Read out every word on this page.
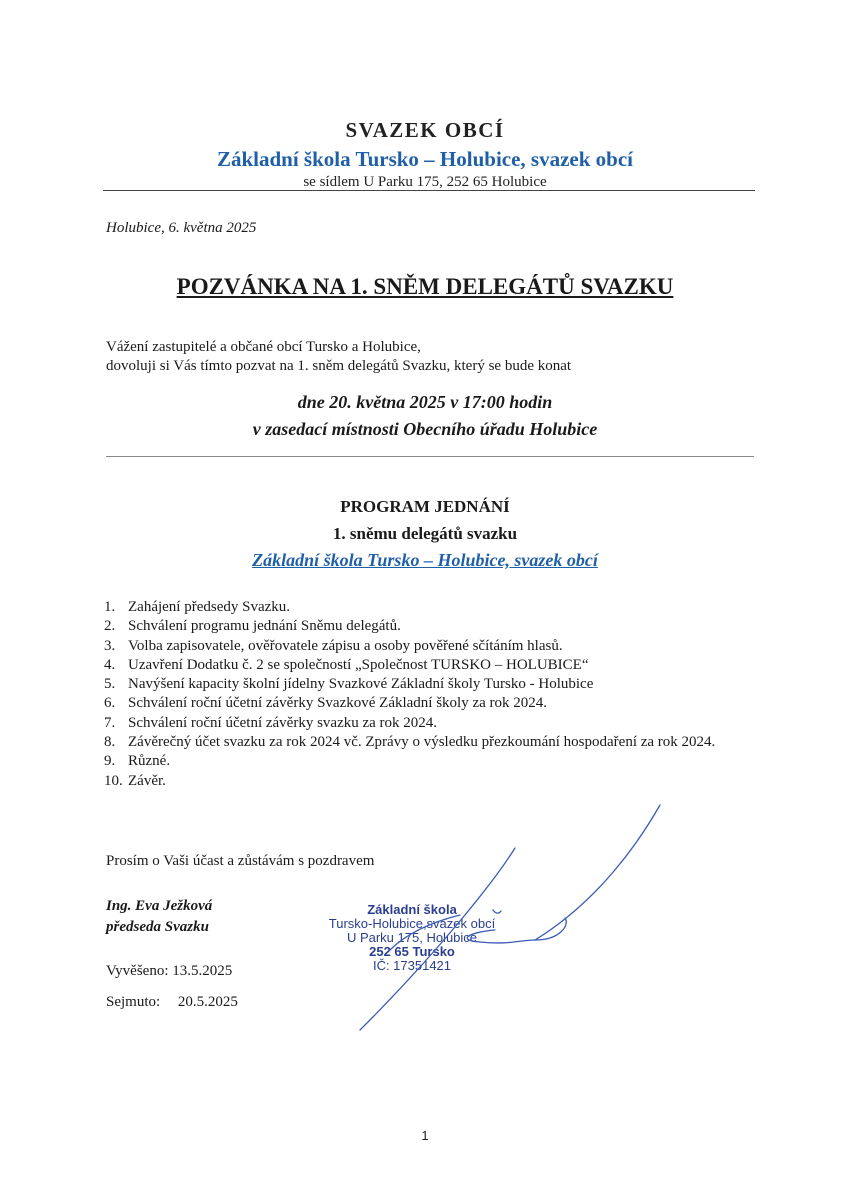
SVAZEK OBCÍ
Základní škola Tursko – Holubice, svazek obcí
se sídlem U Parku 175, 252 65 Holubice
Holubice, 6. května 2025
POZVÁNKA NA 1. SNĚM DELEGÁTŮ SVAZKU
Vážení zastupitelé a občané obcí Tursko a Holubice,
dovoluji si Vás tímto pozvat na 1. sněm delegátů Svazku, který se bude konat
dne 20. května 2025 v 17:00 hodin
v zasedací místnosti Obecního úřadu Holubice
PROGRAM JEDNÁNÍ
1. sněmu delegátů svazku
Základní škola Tursko – Holubice, svazek obcí
1. Zahájení předsedy Svazku.
2. Schválení programu jednání Sněmu delegátů.
3. Volba zapisovatele, ověřovatele zápisu a osoby pověřené sčítáním hlasů.
4. Uzavření Dodatku č. 2 se společností „Společnost TURSKO – HOLUBICE“
5. Navýšení kapacity školní jídelny Svazkové Základní školy Tursko - Holubice
6. Schválení roční účetní závěrky Svazkové Základní školy za rok 2024.
7. Schválení roční účetní závěrky svazku za rok 2024.
8. Závěrečný účet svazku za rok 2024 vč. Zprávy o výsledku přezkoumání hospodaření za rok 2024.
9. Různé.
10. Závěr.
Prosím o Vaši účast a zůstávám s pozdravem
Ing. Eva Ježková
předseda Svazku
Základní škola
Tursko-Holubice,svazek obcí
U Parku 175, Holubice
252 65 Tursko
IČ: 17351421
Vyvěšeno: 13.5.2025
Sejmuto: 20.5.2025
1
